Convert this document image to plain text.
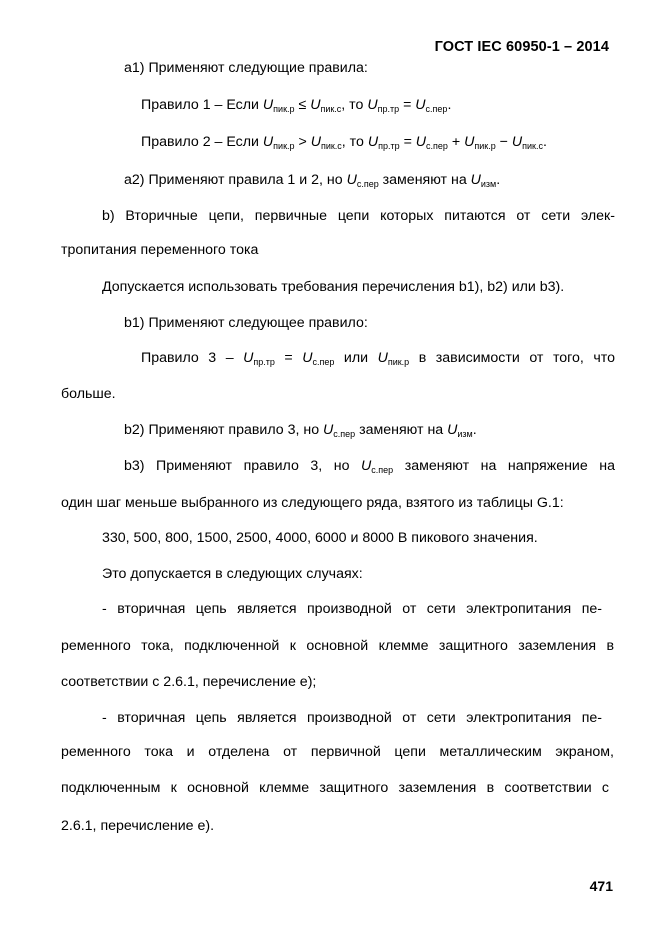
ГОСТ IEC 60950-1 – 2014
а1) Применяют следующие правила:
Правило 1 – Если $U_{пик.р} \le U_{пик.с}$, то $U_{пр.тр} = U_{с.пер}$.
Правило 2 – Если $U_{пик.р} > U_{пик.с}$, то $U_{пр.тр} = U_{с.пер} + U_{пик.р} - U_{пик.с}$.
а2) Применяют правила 1 и 2, но $U_{с.пер}$ заменяют на $U_{изм}$.
b) Вторичные цепи, первичные цепи которых питаются от сети элек-
тропитания переменного тока
Допускается использовать требования перечисления b1), b2) или b3).
b1) Применяют следующее правило:
Правило $3 - U_{пр.тр} = U_{с.пер}$ или $U_{пик.р}$ в зависимости от того, что
больше.
b2) Применяют правило 3, но $U_{с.пер}$ заменяют на $U_{изм}$.
b3) Применяют правило 3, но $U_{с.пер}$ заменяют на напряжение на
один шаг меньше выбранного из следующего ряда, взятого из таблицы G.1:
330, 500, 800, 1500, 2500, 4000, 6000 и 8000 В пикового значения.
Это допускается в следующих случаях:
- вторичная цепь является производной от сети электропитания пе-
ременного тока, подключенной к основной клемме защитного заземления в
соответствии с 2.6.1, перечисление е);
- вторичная цепь является производной от сети электропитания пе-
ременного тока и отделена от первичной цепи металлическим экраном,
подключенным к основной клемме защитного заземления в соответствии с
2.6.1, перечисление е).
471
